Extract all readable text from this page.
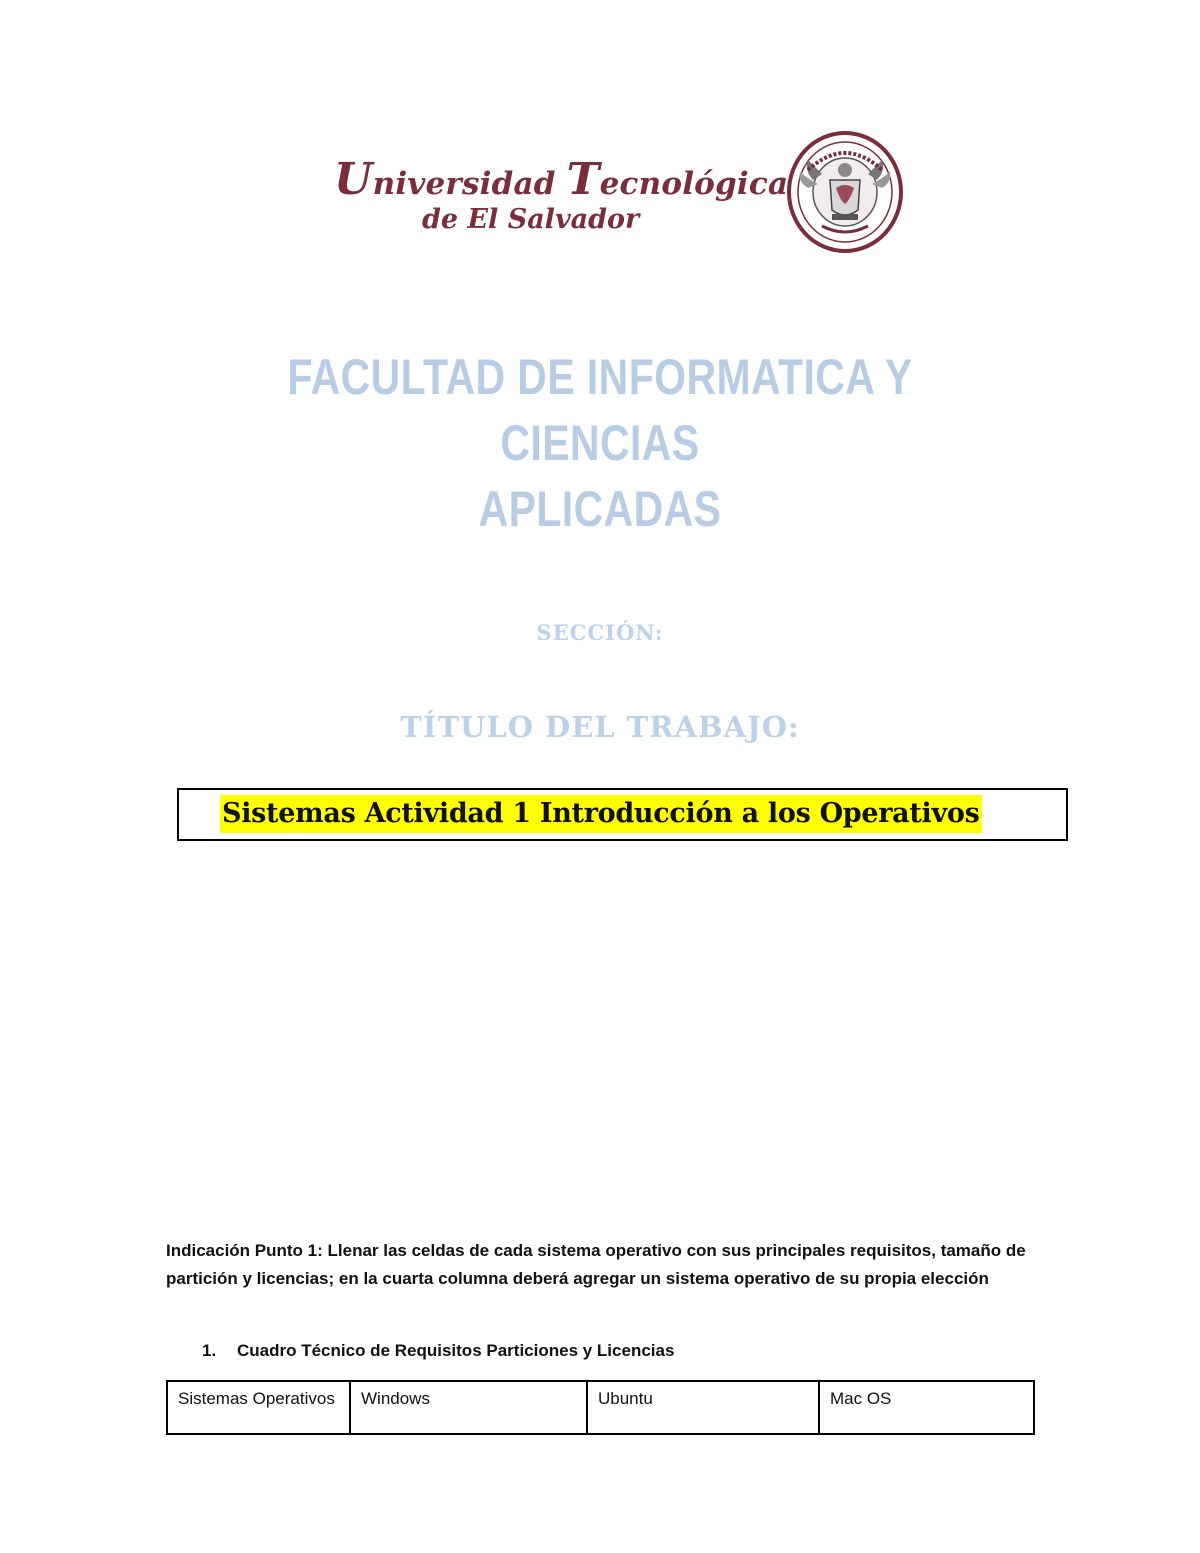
Universidad Tecnológica
de El Salvador
FACULTAD DE INFORMATICA Y CIENCIAS
APLICADAS
SECCIÓN:
TÍTULO DEL TRABAJO:
Sistemas Actividad 1 Introducción a los Operativos
Indicación Punto 1: Llenar las celdas de cada sistema operativo con sus principales requisitos, tamaño de partición y licencias; en la cuarta columna deberá agregar un sistema operativo de su propia elección
1. Cuadro Técnico de Requisitos Particiones y Licencias
Sistemas Operativos	Windows	Ubuntu	Mac OS
